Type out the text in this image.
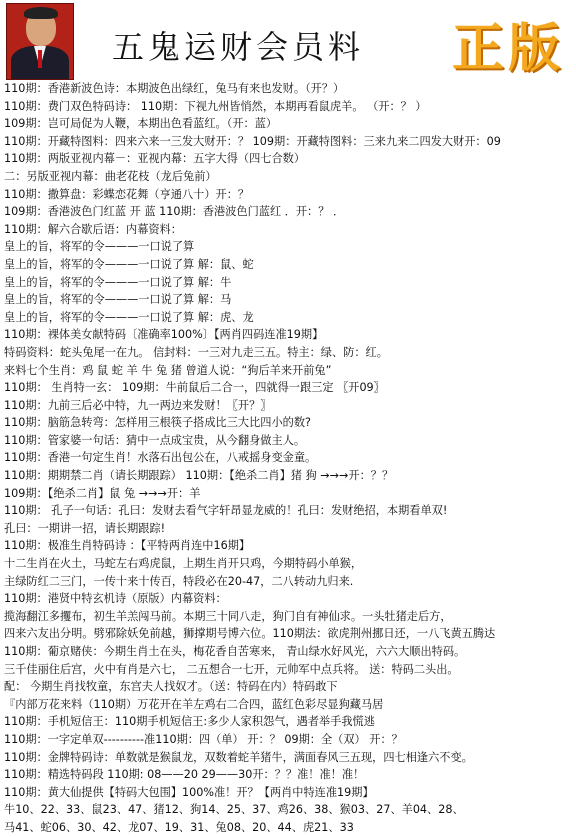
五鬼运财会员料 正版
110期：香港新波色诗：本期波色出绿红，兔马有来也发财。（开？）
110期：费门双色特码诗： 110期：下视九州皆悄然，本期再看鼠虎羊。 （开：？ ）
109期：岂可局促为人鞭，本期出色看蓝红。（开：蓝）
110期：开藏特图料：四来六来一三发大财开：？ 109期：开藏特图料：三来九来二四发大财开：09
110期：两版亚视内幕－：亚视内幕：五字大得（四七合数）
二：另版亚视内幕：曲老花枝（龙后兔前）
110期：撒算盘：彩蝶恋花舞（亨通八十）开：？
109期：香港波色门红蓝 开 蓝 110期：香港波色门蓝红 ．开：？ ．
110期：解六合歇后语：内幕资料：
皇上的旨，将军的令———一口说了算
皇上的旨，将军的令———一口说了算 解：鼠、蛇
皇上的旨，将军的令———一口说了算 解：牛
皇上的旨，将军的令———一口说了算 解：马
皇上的旨，将军的令———一口说了算 解：虎、龙
110期：裸体美女献特码〔准确率100%〕【两肖四码连准19期】
特码资料：蛇头兔尾一在九。 信封料：一三对九走三五。特主：绿、防：红。
来料七个生肖：鸡 鼠 蛇 羊 牛 兔 猪 曾道人说：“狗后羊来开前兔”
110期： 生肖特一玄： 109期：牛前鼠后二合一，四就得一跟三定 〖开09〗
110期：九前三后必中特，九一两边来发财！〖开？〗
110期：脑筋急转弯：怎样用三根筷子搭成比三大比四小的数?
110期：管家婆一句话：猜中一点成宝贵，从今翻身做主人。
110期：香港一句定生肖！水落石出包公在，八戒摇身变金童。
110期：期期禁二肖（请长期跟踪） 110期：【绝杀二肖】猪 狗 →→→开：？？
109期：【绝杀二肖】鼠 兔 →→→开：羊
110期： 孔子一句话：孔曰：发财去看气字轩昂显龙威的！孔曰：发财绝招，本期看单双!
孔曰：一期讲一招，请长期跟踪!
110期：极准生肖特码诗 ：【平特两肖连中16期】
十二生肖在火土，马蛇左右鸡虎鼠，上期生肖开只鸡，今期特码小单猴，
主绿防红二三门，一传十来十传百，特段必在20-47，二八转动九归来.
110期：港贤中特玄机诗（原版）内幕资料：
揽海翻江多攫布，初生羊羔闯马前。本期三十同八走，狗门自有神仙求。一头牡猪走后方，
四来六友出分明。劈邪除妖免前越，狮撑期号博六位。110期法：欲虎荆州挪日还，一八飞黄五腾达
110期：葡京赌侠：今期生肖土在头，梅花香自苦寒来， 青山绿水好风光，六六大顺出特码。
三千佳丽住后宫，火中有肖是六七， 二五想合一七开，元帅军中点兵将。 送：特码二头出。
配： 今期生肖找牧童，东宫夫人找奴才。（送：特码在内）特码敢下
『内部万花来料（110期）万花开在羊左鸡右二合四，蓝红色彩尽显狗藏马居
110期：手机短信王：110期手机短信王:多少人家积怨气，遇者举手我慌逃
110期：一字定单双----------准110期：四（单） 开：？ 09期：全（双） 开：？
110期：金牌特码诗：单数就是猴鼠龙，双数着蛇羊猪牛，满面春风三五现，四七相逢六不变。
110期：精选特码段 110期: 08——20 29——30开：？？准！准！准！
110期：黄大仙提供【特码大包围】100%准！开？【两肖中特连准19期】
牛10、22、33、鼠23、47、猪12、狗14、25、37、鸡26、38、猴03、27、羊04、28、
马41、蛇06、30、42、龙07、19、31、兔08、20、44、虎21、33
